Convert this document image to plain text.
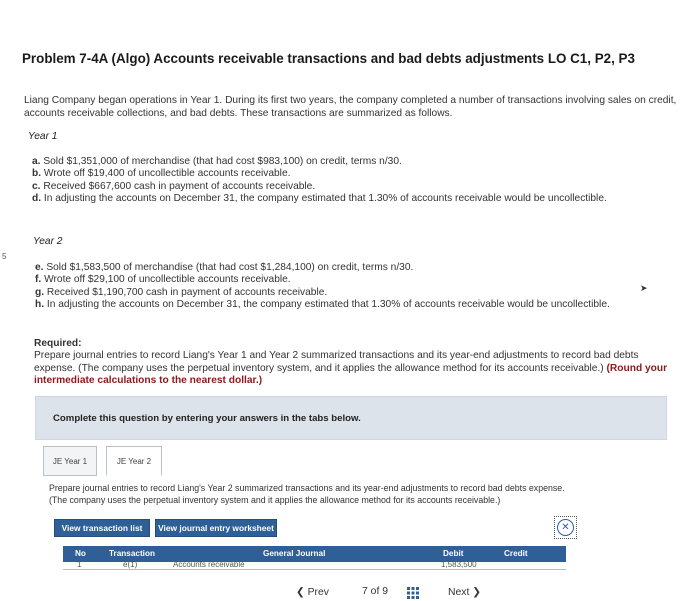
5
Problem 7-4A (Algo) Accounts receivable transactions and bad debts adjustments LO C1, P2, P3
Liang Company began operations in Year 1. During its first two years, the company completed a number of transactions involving sales on credit, accounts receivable collections, and bad debts. These transactions are summarized as follows.
Year 1
a. Sold $1,351,000 of merchandise (that had cost $983,100) on credit, terms n/30.
b. Wrote off $19,400 of uncollectible accounts receivable.
c. Received $667,600 cash in payment of accounts receivable.
d. In adjusting the accounts on December 31, the company estimated that 1.30% of accounts receivable would be uncollectible.
Year 2
e. Sold $1,583,500 of merchandise (that had cost $1,284,100) on credit, terms n/30.
f. Wrote off $29,100 of uncollectible accounts receivable.
g. Received $1,190,700 cash in payment of accounts receivable.
h. In adjusting the accounts on December 31, the company estimated that 1.30% of accounts receivable would be uncollectible.
➤
Required:
Prepare journal entries to record Liang's Year 1 and Year 2 summarized transactions and its year-end adjustments to record bad debts expense. (The company uses the perpetual inventory system, and it applies the allowance method for its accounts receivable.) (Round your intermediate calculations to the nearest dollar.)
Complete this question by entering your answers in the tabs below.
JE Year 1	JE Year 2
Prepare journal entries to record Liang's Year 2 summarized transactions and its year-end adjustments to record bad debts expense. (The company uses the perpetual inventory system and it applies the allowance method for its accounts receivable.)
View transaction list	View journal entry worksheet	✕
No	Transaction	General Journal	Debit	Credit
1	e(1)	Accounts receivable	1,583,500
❮ Prev	7 of 9	Next ❯
